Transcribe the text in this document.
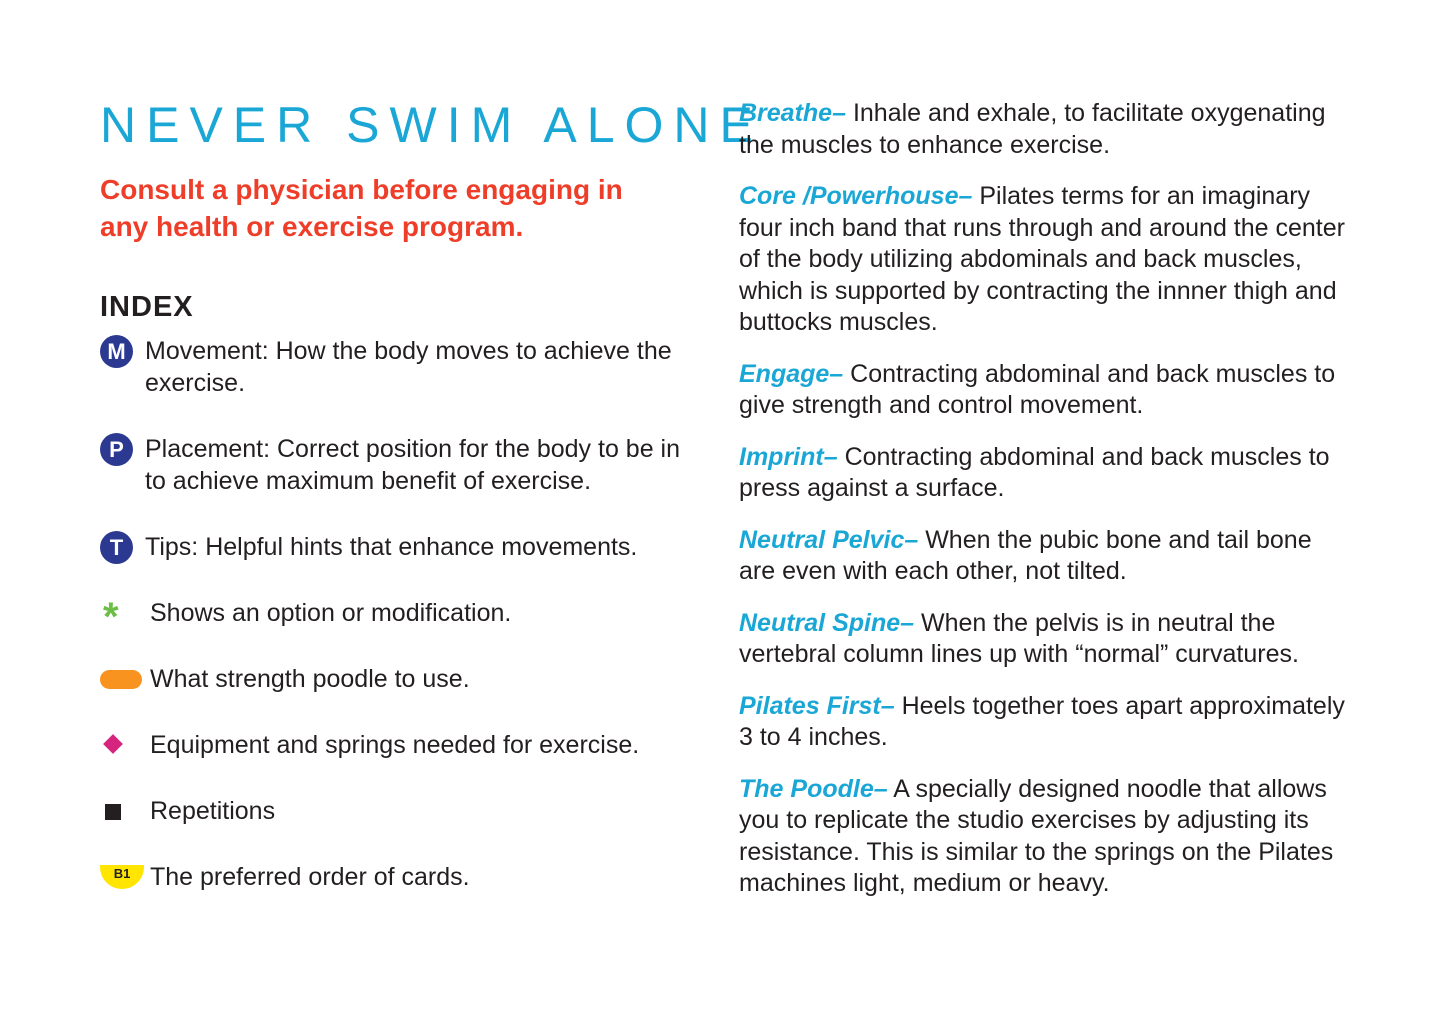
NEVER SWIM ALONE

Consult a physician before engaging in any health or exercise program.

INDEX
M Movement: How the body moves to achieve the exercise.
P Placement: Correct position for the body to be in to achieve maximum benefit of exercise.
T Tips: Helpful hints that enhance movements.
* Shows an option or modification.
What strength poodle to use.
Equipment and springs needed for exercise.
Repetitions
B1 The preferred order of cards.
Breathe– Inhale and exhale, to facilitate oxygenating the muscles to enhance exercise.
Core /Powerhouse– Pilates terms for an imaginary four inch band that runs through and around the center of the body utilizing abdominals and back muscles, which is supported by contracting the innner thigh and buttocks muscles.
Engage– Contracting abdominal and back muscles to give strength and control movement.
Imprint– Contracting abdominal and back muscles to press against a surface.
Neutral Pelvic– When the pubic bone and tail bone are even with each other, not tilted.
Neutral Spine– When the pelvis is in neutral the vertebral column lines up with “normal” curvatures.
Pilates First– Heels together toes apart approximately 3 to 4 inches.
The Poodle– A specially designed noodle that allows you to replicate the studio exercises by adjusting its resistance. This is similar to the springs on the Pilates machines light, medium or heavy.
